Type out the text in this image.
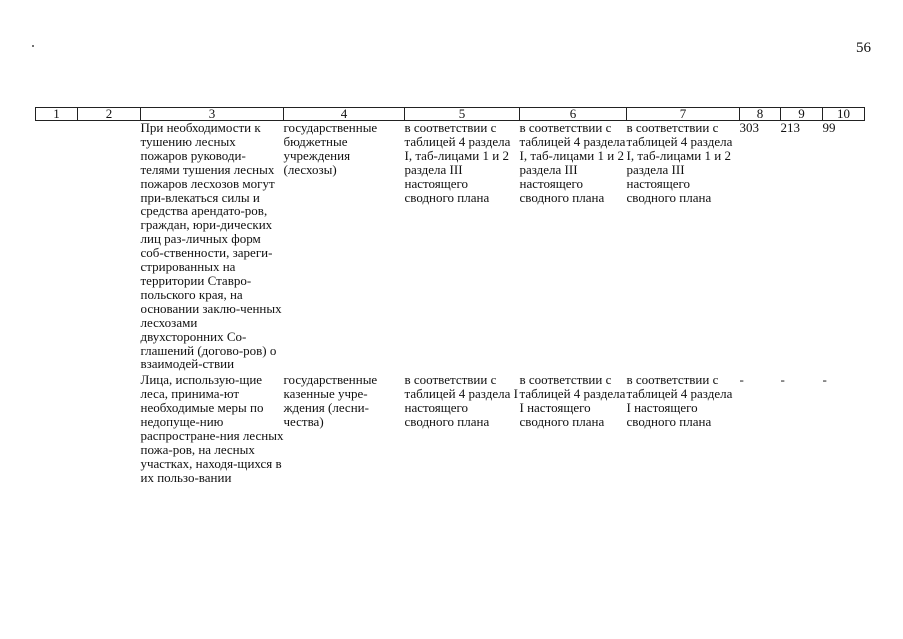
56
1	2	3	4	5	6	7	8	9	10
		При необходимости к тушению лесных пожаров руководи-телями тушения лесных пожаров лесхозов могут при-влекаться силы и средства арендато-ров, граждан, юри-дических лиц раз-личных форм соб-ственности, зареги-стрированных на территории Ставро-польского края, на основании заклю-ченных лесхозами двухсторонних Со-глашений (догово-ров) о взаимодей-ствии	государственные бюджетные учреждения (лесхозы)	в соответствии с таблицей 4 раздела I, таб-лицами 1 и 2 раздела III настоящего сводного плана	в соответствии с таблицей 4 раздела I, таб-лицами 1 и 2 раздела III настоящего сводного плана	в соответствии с таблицей 4 раздела I, таб-лицами 1 и 2 раздела III настоящего сводного плана	303	213	99
		Лица, использую-щие леса, принима-ют необходимые меры по недопуще-нию распростране-ния лесных пожа-ров, на лесных участках, находя-щихся в их пользо-вании	государственные казенные учре-ждения (лесни-чества)	в соответствии с таблицей 4 раздела I настоящего сводного плана	в соответствии с таблицей 4 раздела I настоящего сводного плана	в соответствии с таблицей 4 раздела I настоящего сводного плана	-	-	-
